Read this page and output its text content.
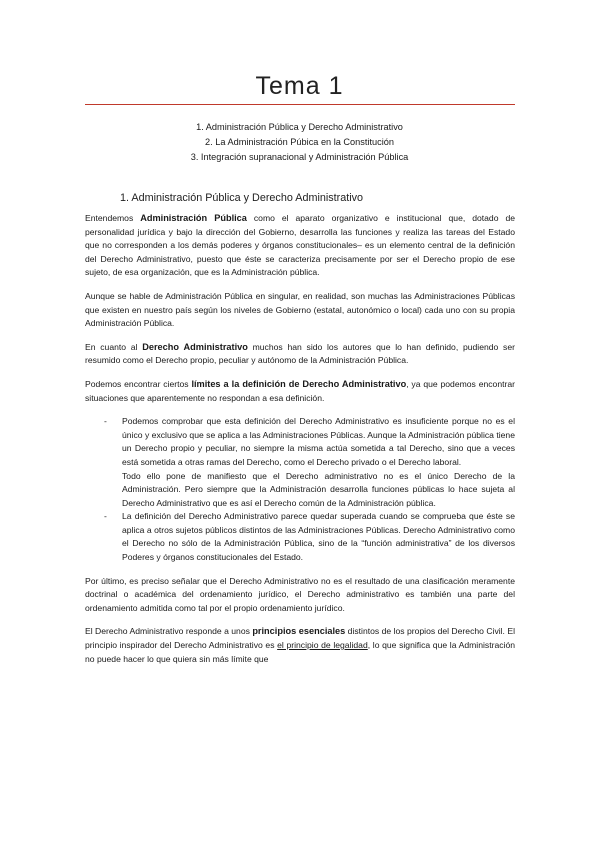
Tema 1
1. Administración Pública y Derecho Administrativo
2. La Administración Púbica en la Constitución
3. Integración supranacional y Administración Pública
1. Administración Pública y Derecho Administrativo

Entendemos Administración Pública como el aparato organizativo e institucional que, dotado de personalidad jurídica y bajo la dirección del Gobierno, desarrolla las funciones y realiza las tareas del Estado que no corresponden a los demás poderes y órganos constitucionales– es un elemento central de la definición del Derecho Administrativo, puesto que éste se caracteriza precisamente por ser el Derecho propio de ese sujeto, de esa organización, que es la Administración pública.

Aunque se hable de Administración Pública en singular, en realidad, son muchas las Administraciones Públicas que existen en nuestro país según los niveles de Gobierno (estatal, autonómico o local) cada uno con su propia Administración Pública.

En cuanto al Derecho Administrativo muchos han sido los autores que lo han definido, pudiendo ser resumido como el Derecho propio, peculiar y autónomo de la Administración Pública.

Podemos encontrar ciertos límites a la definición de Derecho Administrativo, ya que podemos encontrar situaciones que aparentemente no respondan a esa definición.

- Podemos comprobar que esta definición del Derecho Administrativo es insuficiente porque no es el único y exclusivo que se aplica a las Administraciones Públicas. Aunque la Administración pública tiene un Derecho propio y peculiar, no siempre la misma actúa sometida a tal Derecho, sino que a veces está sometida a otras ramas del Derecho, como el Derecho privado o el Derecho laboral.
Todo ello pone de manifiesto que el Derecho administrativo no es el único Derecho de la Administración. Pero siempre que la Administración desarrolla funciones públicas lo hace sujeta al Derecho Administrativo que es así el Derecho común de la Administración pública.
- La definición del Derecho Administrativo parece quedar superada cuando se comprueba que éste se aplica a otros sujetos públicos distintos de las Administraciones Públicas. Derecho Administrativo como el Derecho no sólo de la Administración Pública, sino de la “función administrativa” de los diversos Poderes y órganos constitucionales del Estado.

Por último, es preciso señalar que el Derecho Administrativo no es el resultado de una clasificación meramente doctrinal o académica del ordenamiento jurídico, el Derecho administrativo es también una parte del ordenamiento admitida como tal por el propio ordenamiento jurídico.

El Derecho Administrativo responde a unos principios esenciales distintos de los propios del Derecho Civil. El principio inspirador del Derecho Administrativo es el principio de legalidad, lo que significa que la Administración no puede hacer lo que quiera sin más límite que
